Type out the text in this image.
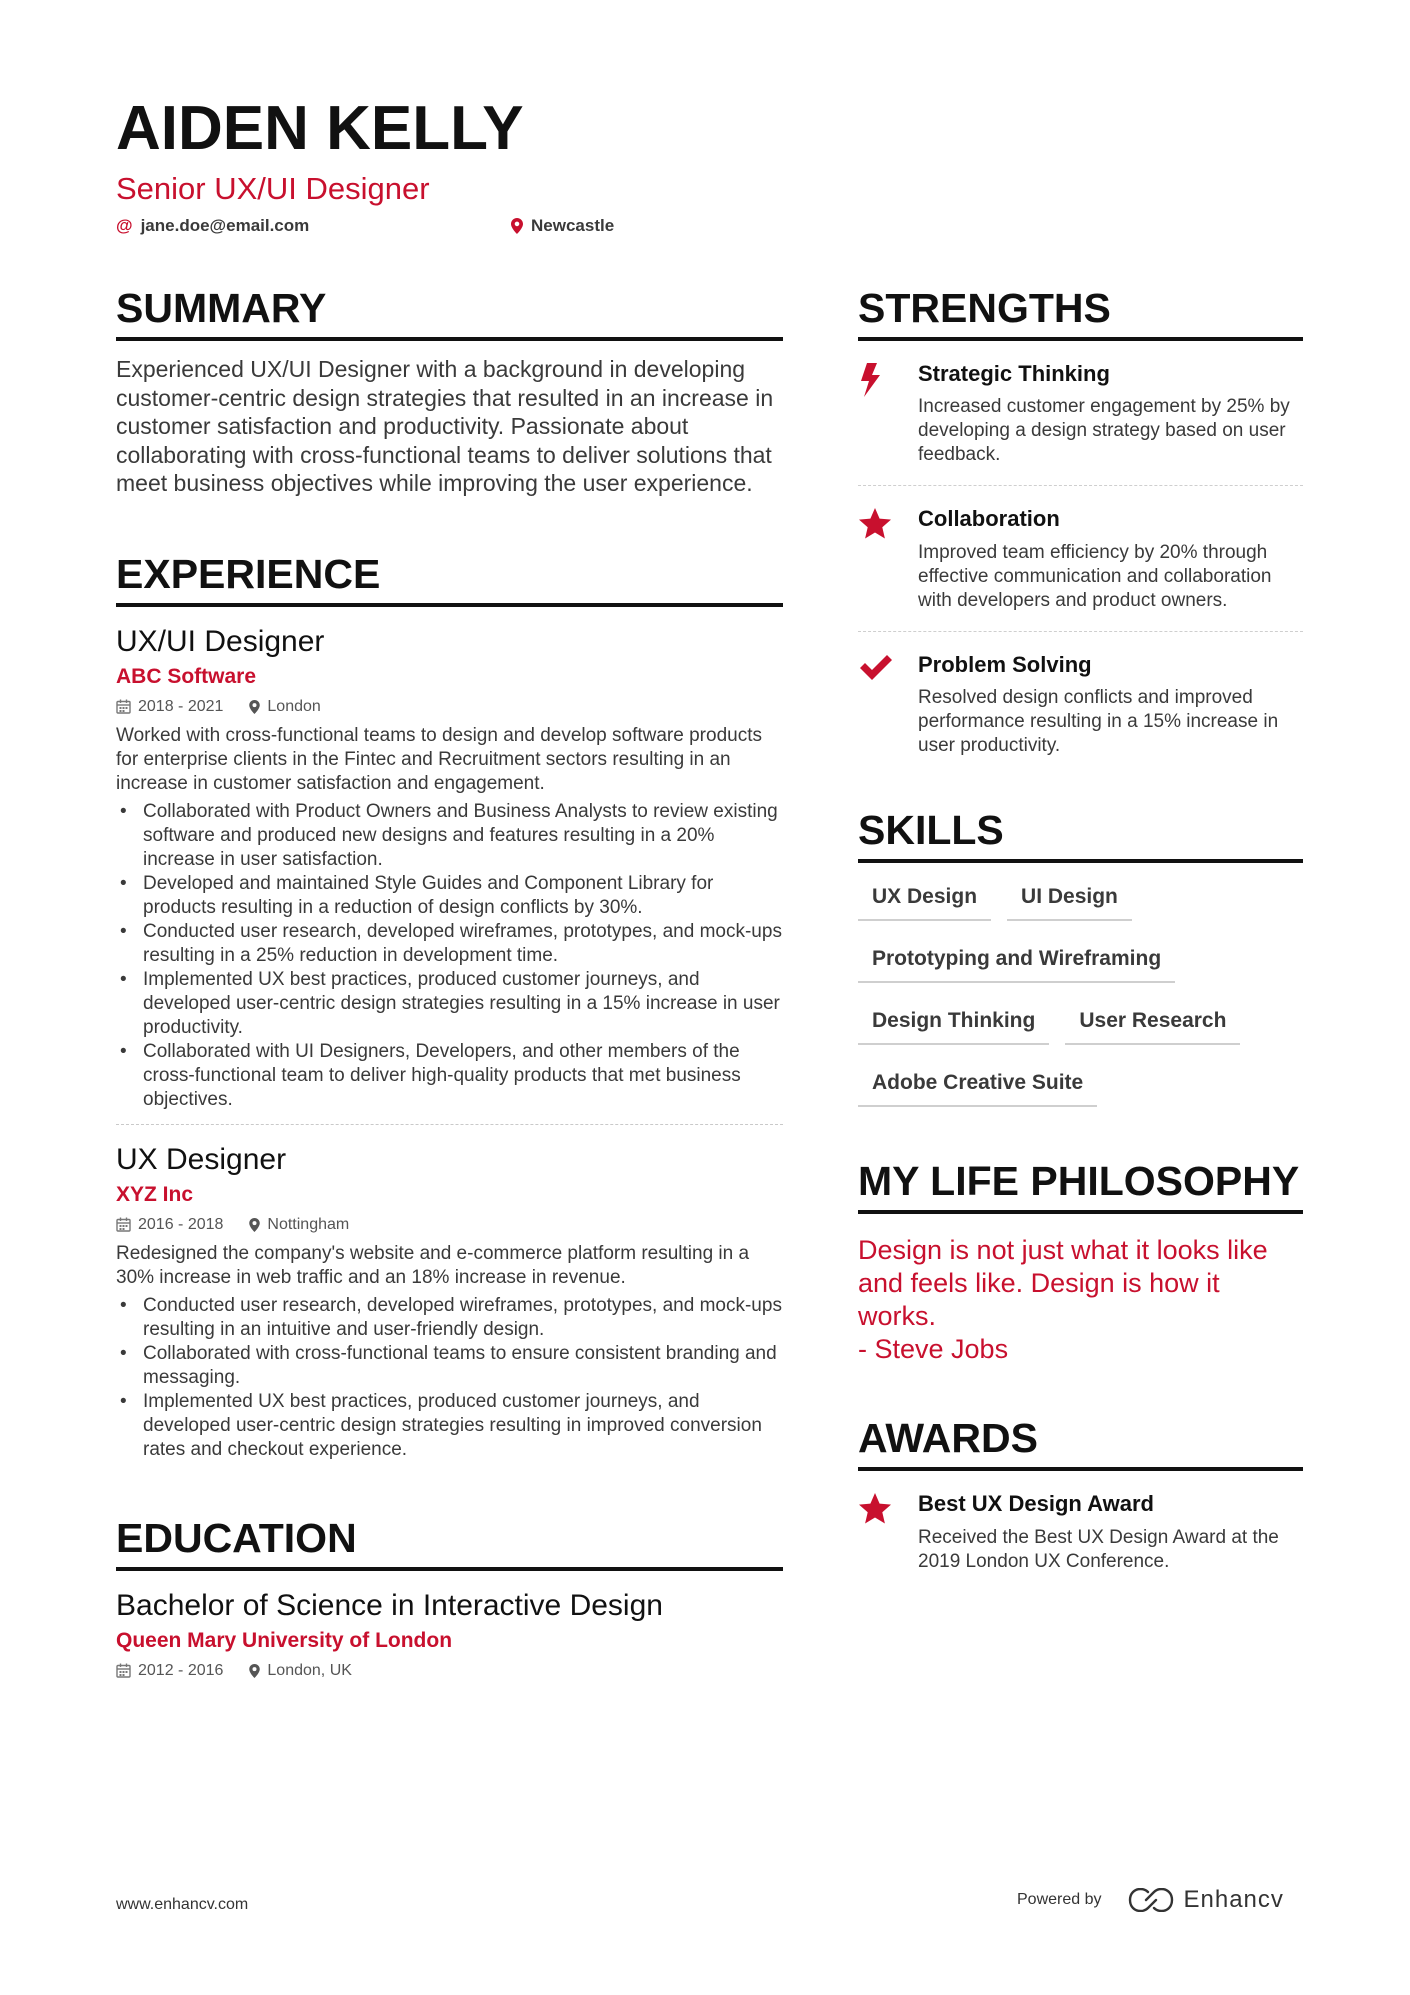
AIDEN KELLY
Senior UX/UI Designer
@ jane.doe@email.com	Newcastle
SUMMARY
Experienced UX/UI Designer with a background in developing customer-centric design strategies that resulted in an increase in customer satisfaction and productivity. Passionate about collaborating with cross-functional teams to deliver solutions that meet business objectives while improving the user experience.
EXPERIENCE
UX/UI Designer
ABC Software
2018 - 2021	London
Worked with cross-functional teams to design and develop software products for enterprise clients in the Fintec and Recruitment sectors resulting in an increase in customer satisfaction and engagement.
• Collaborated with Product Owners and Business Analysts to review existing software and produced new designs and features resulting in a 20% increase in user satisfaction.
• Developed and maintained Style Guides and Component Library for products resulting in a reduction of design conflicts by 30%.
• Conducted user research, developed wireframes, prototypes, and mock-ups resulting in a 25% reduction in development time.
• Implemented UX best practices, produced customer journeys, and developed user-centric design strategies resulting in a 15% increase in user productivity.
• Collaborated with UI Designers, Developers, and other members of the cross-functional team to deliver high-quality products that met business objectives.
UX Designer
XYZ Inc
2016 - 2018	Nottingham
Redesigned the company's website and e-commerce platform resulting in a 30% increase in web traffic and an 18% increase in revenue.
• Conducted user research, developed wireframes, prototypes, and mock-ups resulting in an intuitive and user-friendly design.
• Collaborated with cross-functional teams to ensure consistent branding and messaging.
• Implemented UX best practices, produced customer journeys, and developed user-centric design strategies resulting in improved conversion rates and checkout experience.
EDUCATION
Bachelor of Science in Interactive Design
Queen Mary University of London
2012 - 2016	London, UK
STRENGTHS
Strategic Thinking
Increased customer engagement by 25% by developing a design strategy based on user feedback.
Collaboration
Improved team efficiency by 20% through effective communication and collaboration with developers and product owners.
Problem Solving
Resolved design conflicts and improved performance resulting in a 15% increase in user productivity.
SKILLS
UX Design	UI Design
Prototyping and Wireframing
Design Thinking	User Research
Adobe Creative Suite
MY LIFE PHILOSOPHY
Design is not just what it looks like
and feels like. Design is how it works.
- Steve Jobs
AWARDS
Best UX Design Award
Received the Best UX Design Award at the 2019 London UX Conference.
www.enhancv.com	Powered by	Enhancv
